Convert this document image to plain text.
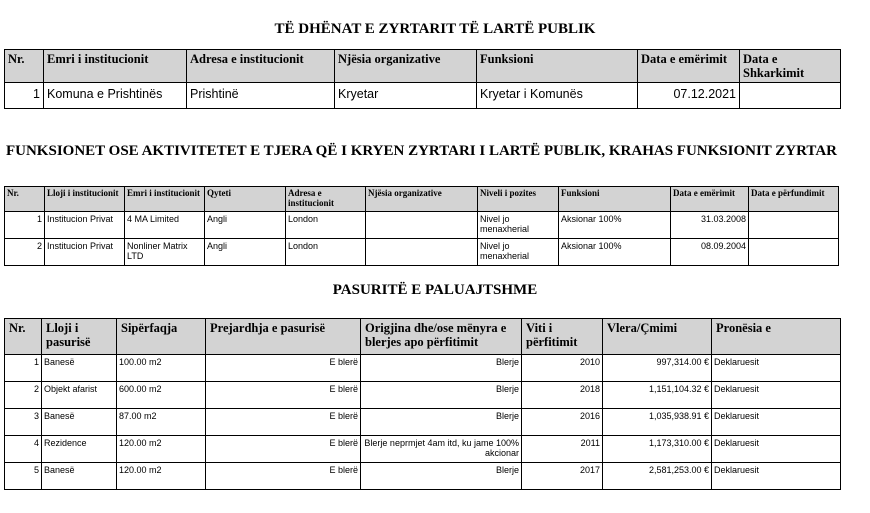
TË DHËNAT E ZYRTARIT TË LARTË PUBLIK
Nr.	Emri i institucionit	Adresa e institucionit	Njësia organizative	Funksioni	Data e emërimit	Data e Shkarkimit
1	Komuna e Prishtinës	Prishtinë	Kryetar	Kryetar i Komunës	07.12.2021	
FUNKSIONET OSE AKTIVITETET E TJERA QË I KRYEN ZYRTARI I LARTË PUBLIK, KRAHAS FUNKSIONIT ZYRTAR
Nr.	Lloji i institucionit	Emri i institucionit	Qyteti	Adresa e institucionit	Njësia organizative	Niveli i pozites	Funksioni	Data e emërimit	Data e përfundimit
1	Institucion Privat	4 MA Limited	Angli	London		Nivel jo menaxherial	Aksionar 100%	31.03.2008	
2	Institucion Privat	Nonliner Matrix LTD	Angli	London		Nivel jo menaxherial	Aksionar 100%	08.09.2004	
PASURITË E PALUAJTSHME
Nr.	Lloji i pasurisë	Sipërfaqja	Prejardhja e pasurisë	Origjina dhe/ose mënyra e blerjes apo përfitimit	Viti i përfitimit	Vlera/Çmimi	Pronësia e
1	Banesë	100.00 m2	E blerë	Blerje	2010	997,314.00 €	Deklaruesit
2	Objekt afarist	600.00 m2	E blerë	Blerje	2018	1,151,104.32 €	Deklaruesit
3	Banesë	87.00 m2	E blerë	Blerje	2016	1,035,938.91 €	Deklaruesit
4	Rezidence	120.00 m2	E blerë	Blerje neprmjet 4am itd, ku jame 100% akcionar	2011	1,173,310.00 €	Deklaruesit
5	Banesë	120.00 m2	E blerë	Blerje	2017	2,581,253.00 €	Deklaruesit
